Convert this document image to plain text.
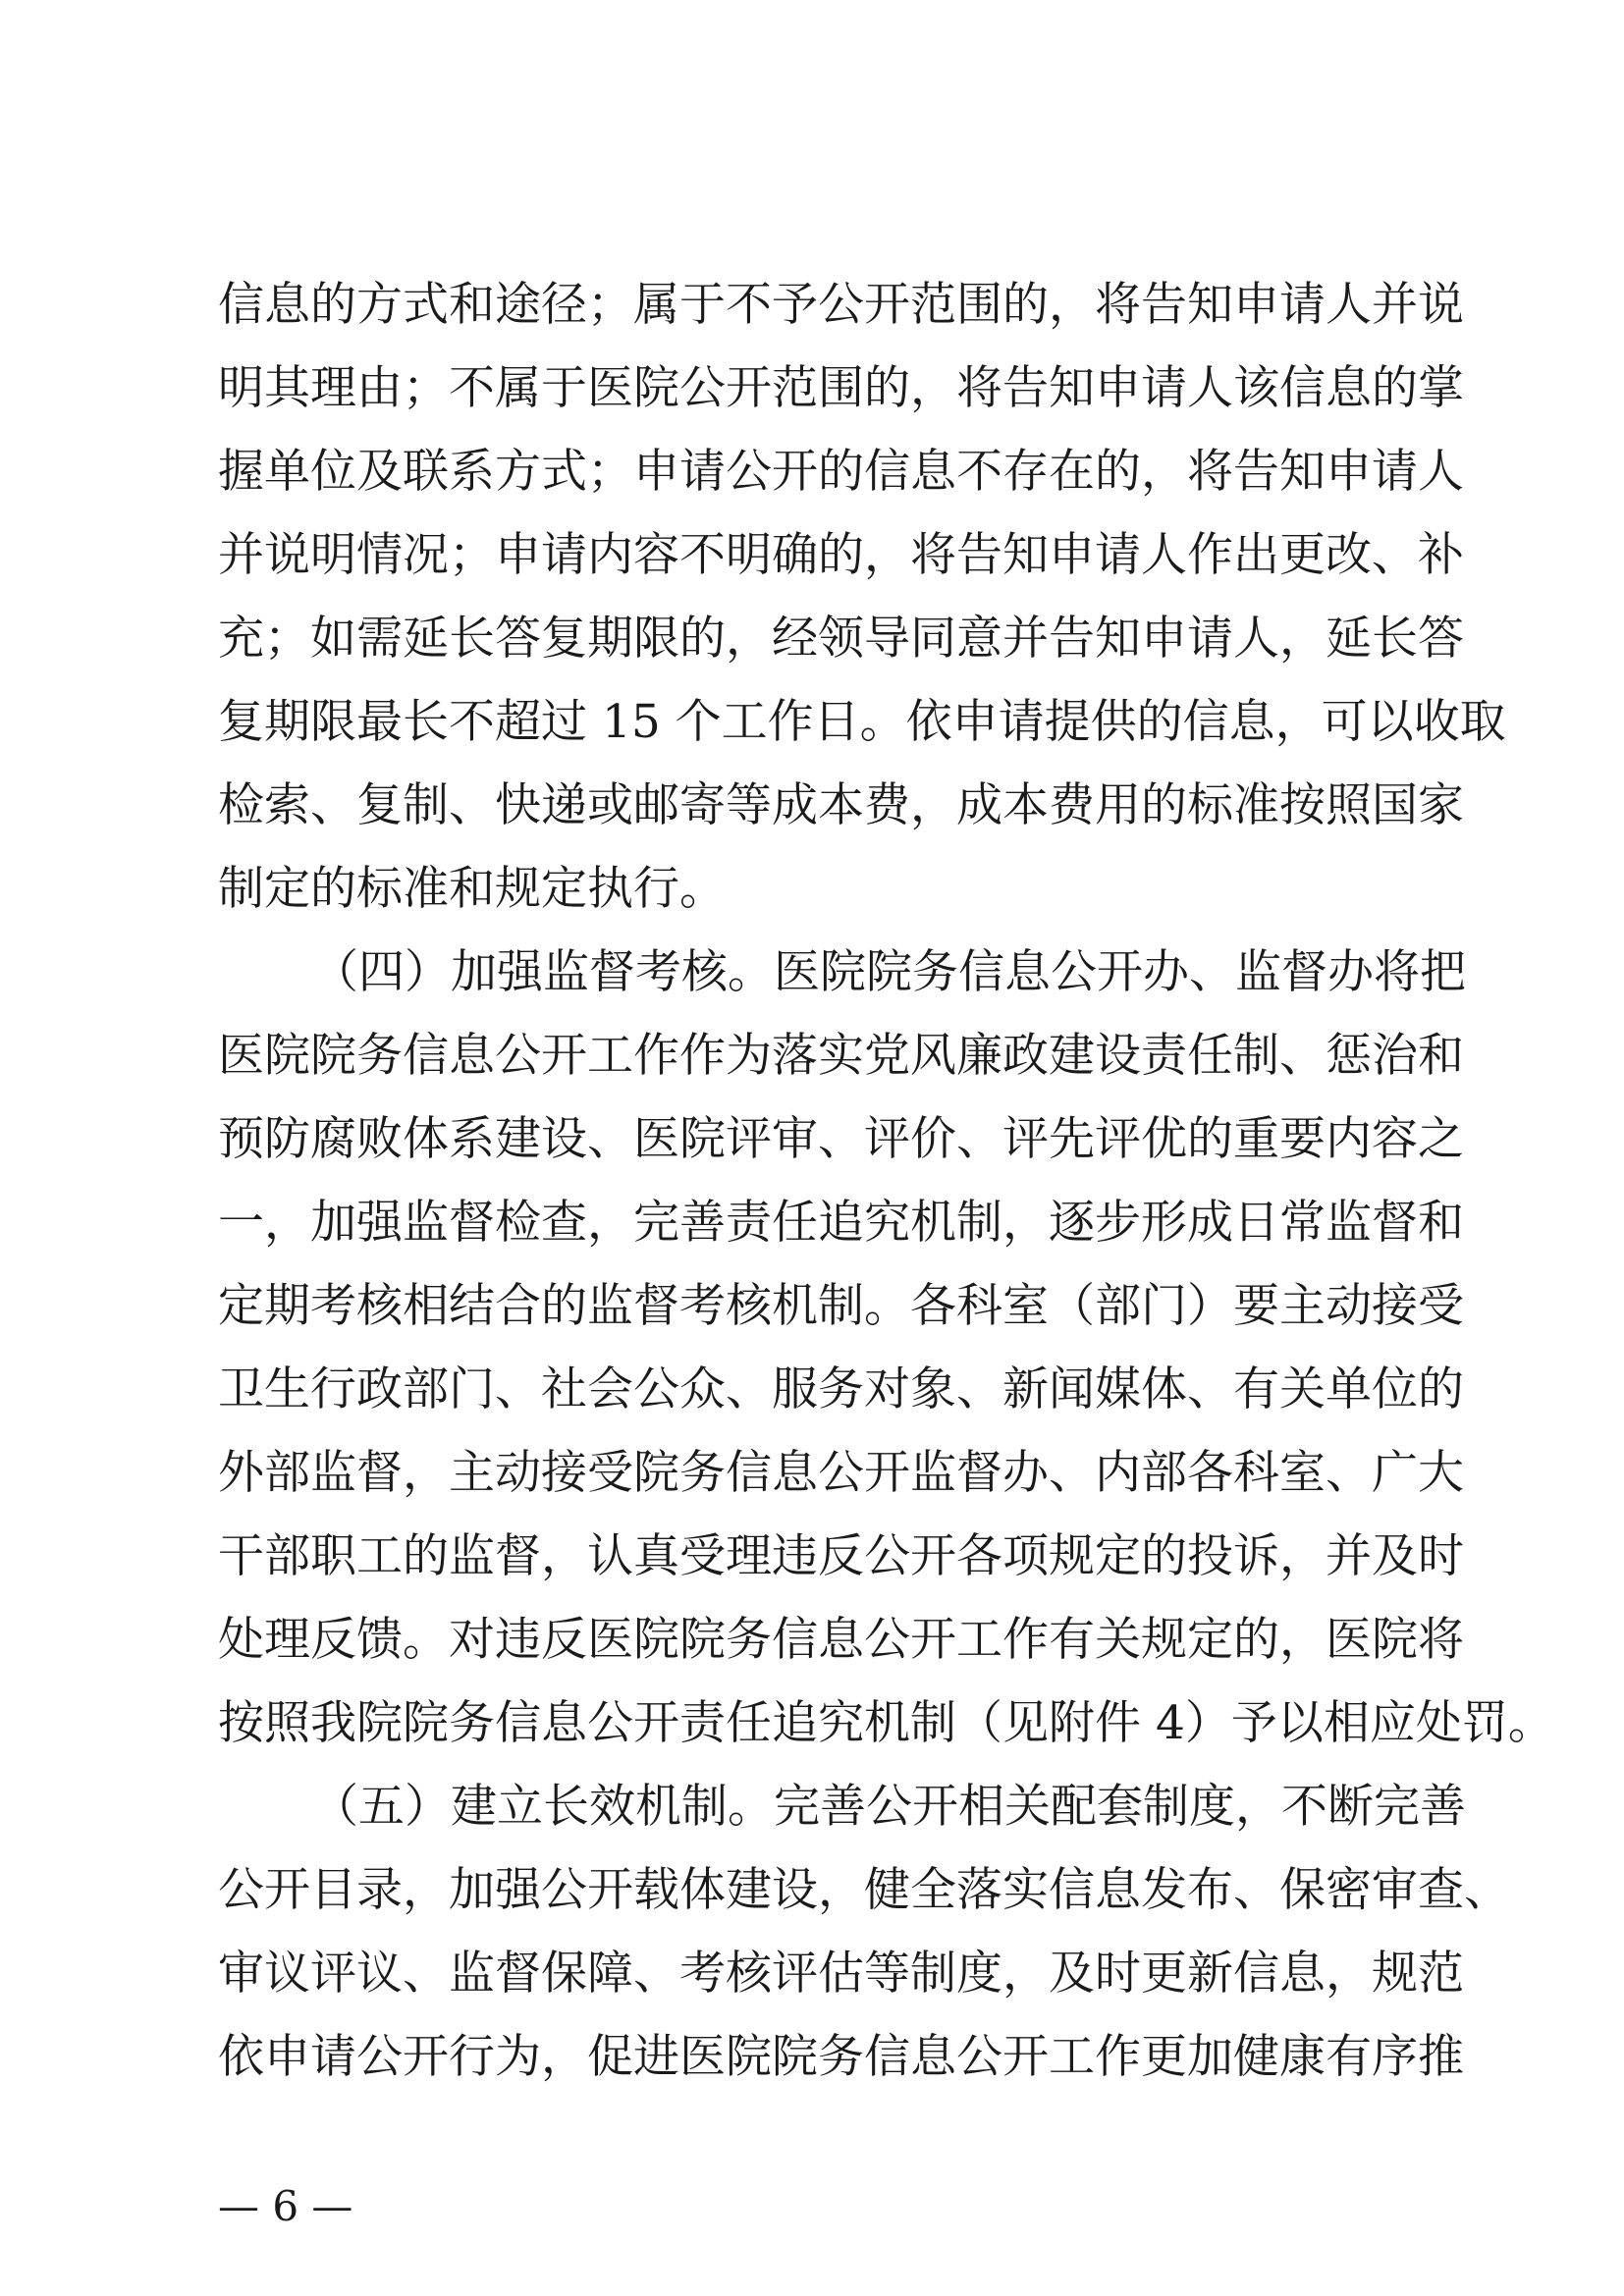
信息的方式和途径；属于不予公开范围的，将告知申请人并说
明其理由；不属于医院公开范围的，将告知申请人该信息的掌
握单位及联系方式；申请公开的信息不存在的，将告知申请人
并说明情况；申请内容不明确的，将告知申请人作出更改、补
充；如需延长答复期限的，经领导同意并告知申请人，延长答
复期限最长不超过 15 个工作日。依申请提供的信息，可以收取
检索、复制、快递或邮寄等成本费，成本费用的标准按照国家
制定的标准和规定执行。
（四）加强监督考核。医院院务信息公开办、监督办将把
医院院务信息公开工作作为落实党风廉政建设责任制、惩治和
预防腐败体系建设、医院评审、评价、评先评优的重要内容之
一，加强监督检查，完善责任追究机制，逐步形成日常监督和
定期考核相结合的监督考核机制。各科室（部门）要主动接受
卫生行政部门、社会公众、服务对象、新闻媒体、有关单位的
外部监督，主动接受院务信息公开监督办、内部各科室、广大
干部职工的监督，认真受理违反公开各项规定的投诉，并及时
处理反馈。对违反医院院务信息公开工作有关规定的，医院将
按照我院院务信息公开责任追究机制（见附件 4）予以相应处罚。
（五）建立长效机制。完善公开相关配套制度，不断完善
公开目录，加强公开载体建设，健全落实信息发布、保密审查、
审议评议、监督保障、考核评估等制度，及时更新信息，规范
依申请公开行为，促进医院院务信息公开工作更加健康有序推
— 6 —
